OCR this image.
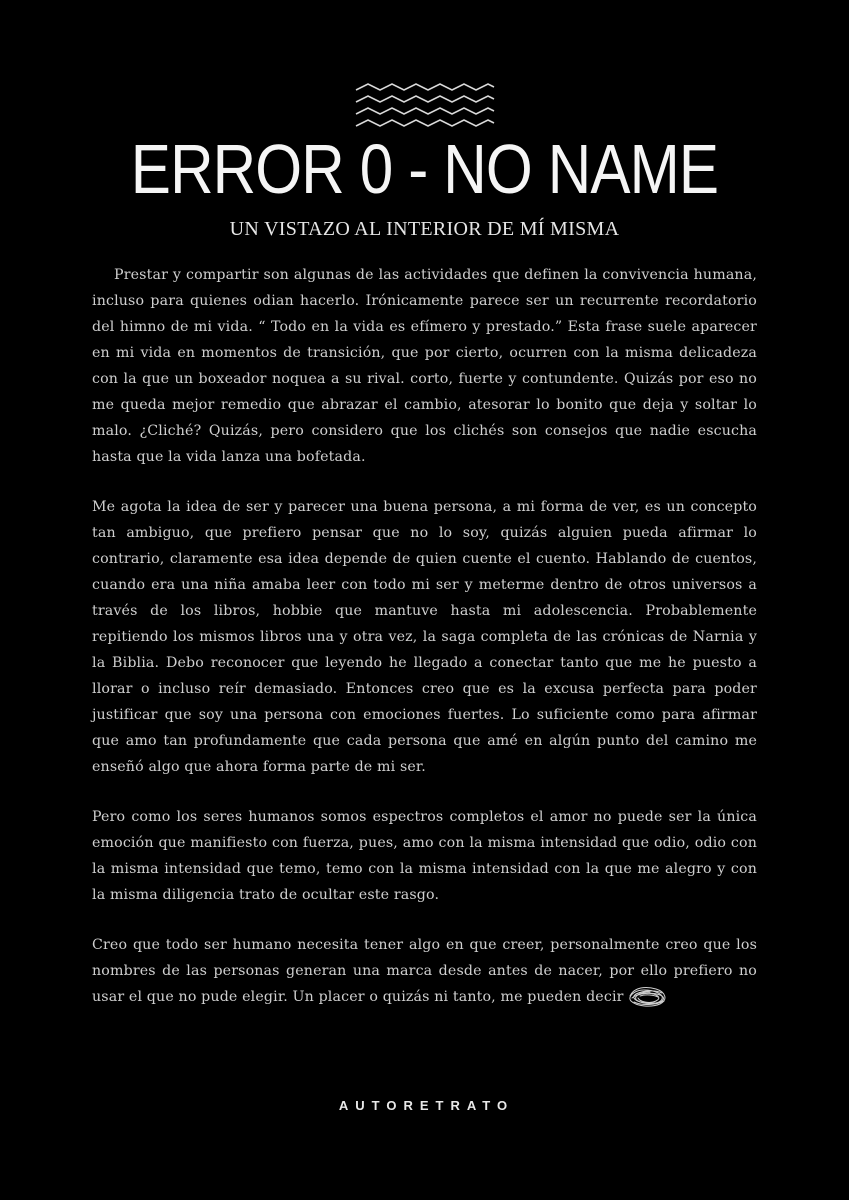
ERROR 0 - NO NAME
UN VISTAZO AL INTERIOR DE MÍ MISMA

Prestar y compartir son algunas de las actividades que definen la convivencia humana, incluso para quienes odian hacerlo. Irónicamente parece ser un recurrente recordatorio del himno de mi vida. “ Todo en la vida es efímero y prestado.” Esta frase suele aparecer en mi vida en momentos de transición, que por cierto, ocurren con la misma delicadeza con la que un boxeador noquea a su rival. corto, fuerte y contundente. Quizás por eso no me queda mejor remedio que abrazar el cambio, atesorar lo bonito que deja y soltar lo malo. ¿Cliché? Quizás, pero considero que los clichés son consejos que nadie escucha hasta que la vida lanza una bofetada.

Me agota la idea de ser y parecer una buena persona, a mi forma de ver, es un concepto tan ambiguo, que prefiero pensar que no lo soy, quizás alguien pueda afirmar lo contrario, claramente esa idea depende de quien cuente el cuento. Hablando de cuentos, cuando era una niña amaba leer con todo mi ser y meterme dentro de otros universos a través de los libros, hobbie que mantuve hasta mi adolescencia. Probablemente repitiendo los mismos libros una y otra vez, la saga completa de las crónicas de Narnia y la Biblia. Debo reconocer que leyendo he llegado a conectar tanto que me he puesto a llorar o incluso reír demasiado. Entonces creo que es la excusa perfecta para poder justificar que soy una persona con emociones fuertes. Lo suficiente como para afirmar que amo tan profundamente que cada persona que amé en algún punto del camino me enseñó algo que ahora forma parte de mi ser.

Pero como los seres humanos somos espectros completos el amor no puede ser la única emoción que manifiesto con fuerza, pues, amo con la misma intensidad que odio, odio con la misma intensidad que temo, temo con la misma intensidad con la que me alegro y con la misma diligencia trato de ocultar este rasgo.

Creo que todo ser humano necesita tener algo en que creer, personalmente creo que los nombres de las personas generan una marca desde antes de nacer, por ello prefiero no usar el que no pude elegir. Un placer o quizás ni tanto, me pueden decir

AUTORETRATO
